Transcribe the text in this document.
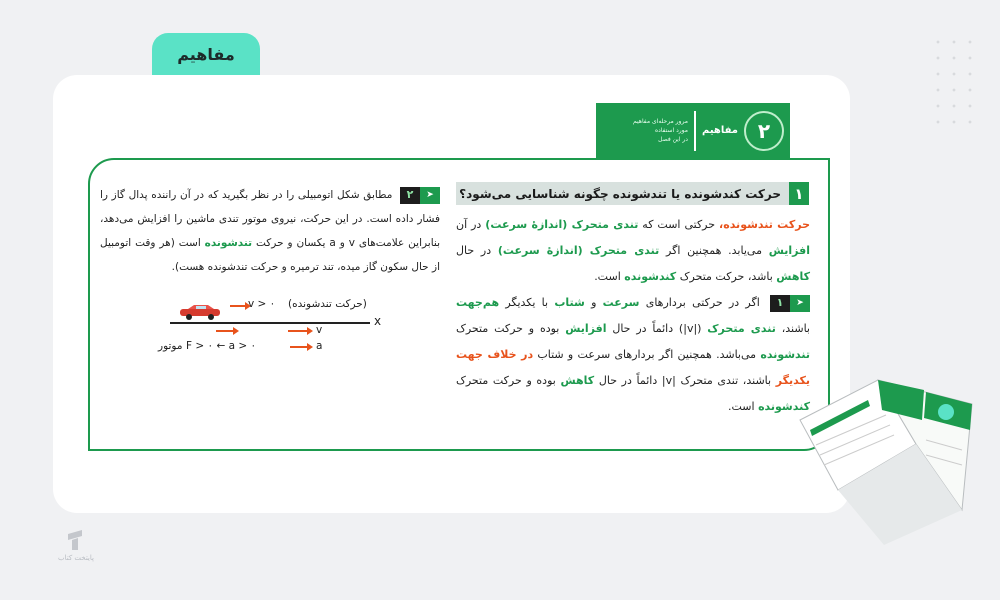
مفاهیم
۲
مفاهیم
مرور مرحله‌ای مفاهیم
مورد استفاده
در این فصل
۱
حرکت کندشونده یا تندشونده چگونه شناسایی می‌شود؟
حرکت تندشونده، حرکتی است که تندی متحرک (اندازهٔ سرعت) در آن افزایش می‌یابد. همچنین اگر تندی متحرک (اندازهٔ سرعت) در حال کاهش باشد، حرکت متحرک کندشونده است.

۱	➤
اگر در حرکتی بردارهای سرعت و شتاب با یکدیگر هم‌جهت باشند، تندی متحرک (|v|) دائماً در حال افزایش بوده و حرکت متحرک تندشونده می‌باشد. همچنین اگر بردارهای سرعت و شتاب در خلاف جهت یکدیگر باشند، تندی متحرک |v| دائماً در حال کاهش بوده و حرکت متحرک کندشونده است.
۲	➤
مطابق شکل اتومبیلی را در نظر بگیرید که در آن راننده پدال گاز را فشار داده است. در این حرکت، نیروی موتور تندی ماشین را افزایش می‌دهد، بنابراین علامت‌های v و a یکسان و حرکت تندشونده است (هر وقت اتومبیل از حال سکون گاز میده، تند ترمیره و حرکت تندشونده هست).
v > ۰ (حرکت تندشونده)
x
v
موتور F > ۰ ← a > ۰	a
پایتخت کتاب
